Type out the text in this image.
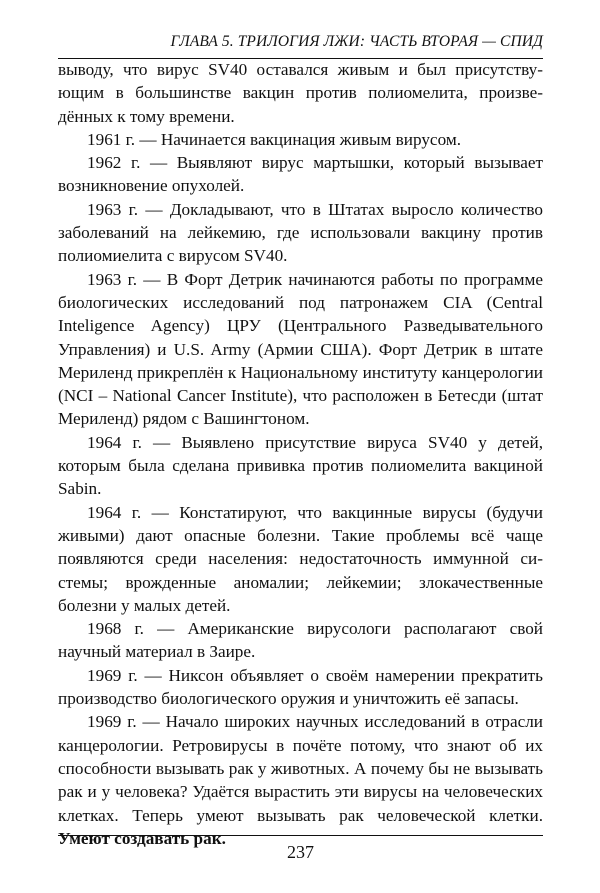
ГЛАВА 5. ТРИЛОГИЯ ЛЖИ: ЧАСТЬ ВТОРАЯ — СПИД

выводу, что вирус SV40 оставался живым и был присутствующим в большинстве вакцин против полиомелита, произведённых к тому времени.

1961 г. — Начинается вакцинация живым вирусом.

1962 г. — Выявляют вирус мартышки, который вызывает возникновение опухолей.

1963 г. — Докладывают, что в Штатах выросло количество заболеваний на лейкемию, где использовали вакцину против полиомиелита с вирусом SV40.

1963 г. — В Форт Детрик начинаются работы по программе биологических исследований под патронажем CIA (Central Inteligence Agency) ЦРУ (Центрального Разведывательного Управления) и U.S. Army (Армии США). Форт Детрик в штате Мериленд прикреплён к Национальному институту канцерологии (NCI – National Cancer Institute), что расположен в Бетесди (штат Мериленд) рядом с Вашингтоном.

1964 г. — Выявлено присутствие вируса SV40 у детей, которым была сделана прививка против полиомелита вакциной Sabin.

1964 г. — Констатируют, что вакцинные вирусы (будучи живыми) дают опасные болезни. Такие проблемы всё чаще появляются среди населения: недостаточность иммунной системы; врожденные аномалии; лейкемии; злокачественные болезни у малых детей.

1968 г. — Американские вирусологи располагают свой научный материал в Заире.

1969 г. — Никсон объявляет о своём намерении прекратить производство биологического оружия и уничтожить её запасы.

1969 г. — Начало широких научных исследований в отрасли канцерологии. Ретровирусы в почёте потому, что знают об их способности вызывать рак у животных. А почему бы не вызывать рак и у человека? Удаётся вырастить эти вирусы на человеческих клетках. Теперь умеют вызывать рак человеческой клетки. Умеют создавать рак.

237
